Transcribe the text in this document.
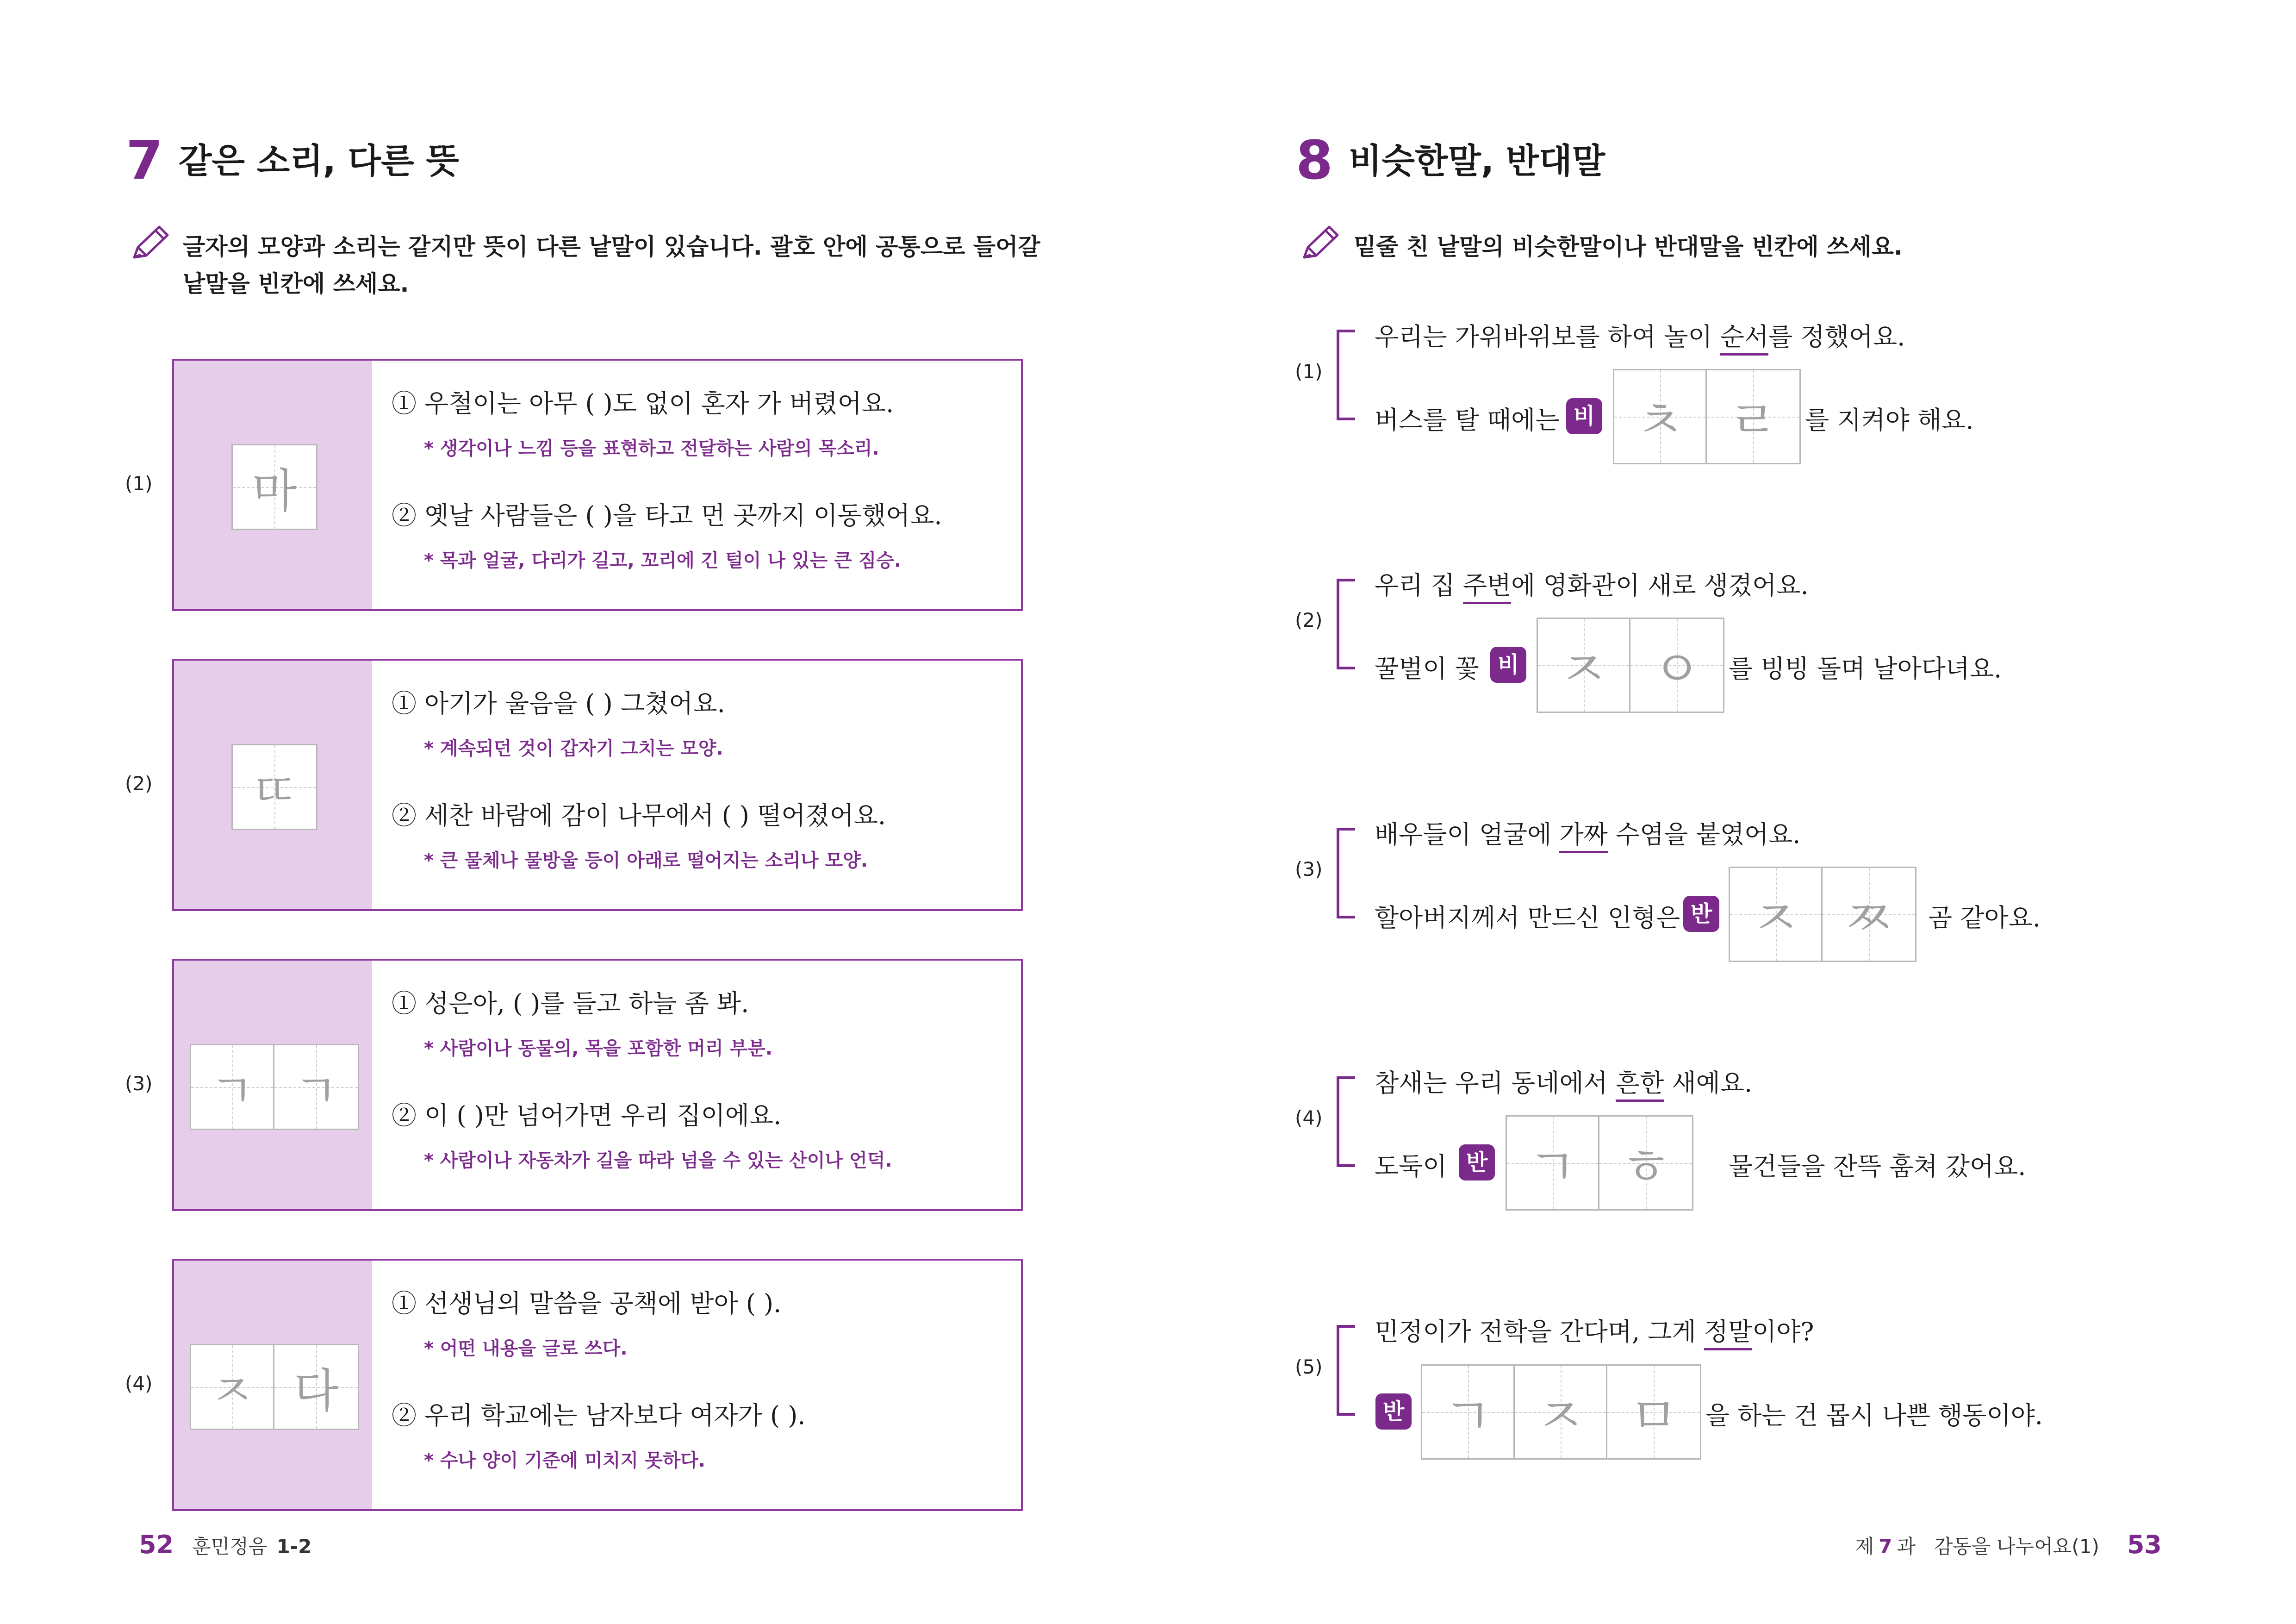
7 같은 소리, 다른 뜻
글자의 모양과 소리는 같지만 뜻이 다른 낱말이 있습니다. 괄호 안에 공통으로 들어갈
낱말을 빈칸에 쓰세요.
(1) 마
① 우철이는 아무 ( )도 없이 혼자 가 버렸어요.
* 생각이나 느낌 등을 표현하고 전달하는 사람의 목소리.
② 옛날 사람들은 ( )을 타고 먼 곳까지 이동했어요.
* 목과 얼굴, 다리가 길고, 꼬리에 긴 털이 나 있는 큰 짐승.
(2) ㄸ
① 아기가 울음을 ( ) 그쳤어요.
* 계속되던 것이 갑자기 그치는 모양.
② 세찬 바람에 감이 나무에서 ( ) 떨어졌어요.
* 큰 물체나 물방울 등이 아래로 떨어지는 소리나 모양.
(3) ㄱ ㄱ
① 성은아, ( )를 들고 하늘 좀 봐.
* 사람이나 동물의, 목을 포함한 머리 부분.
② 이 ( )만 넘어가면 우리 집이에요.
* 사람이나 자동차가 길을 따라 넘을 수 있는 산이나 언덕.
(4) ㅈ 다
① 선생님의 말씀을 공책에 받아 ( ).
* 어떤 내용을 글로 쓰다.
② 우리 학교에는 남자보다 여자가 ( ).
* 수나 양이 기준에 미치지 못하다.
52 훈민정음 1-2
8 비슷한말, 반대말
밑줄 친 낱말의 비슷한말이나 반대말을 빈칸에 쓰세요.
(1)
우리는 가위바위보를 하여 놀이 순서를 정했어요.
버스를 탈 때에는 비 ㅊ ㄹ 를 지켜야 해요.
(2)
우리 집 주변에 영화관이 새로 생겼어요.
꿀벌이 꽃 비 ㅈ ㅇ 를 빙빙 돌며 날아다녀요.
(3)
배우들이 얼굴에 가짜 수염을 붙였어요.
할아버지께서 만드신 인형은 반 ㅈ ㅉ 곰 같아요.
(4)
참새는 우리 동네에서 흔한 새예요.
도둑이 반 ㄱ ㅎ 물건들을 잔뜩 훔쳐 갔어요.
(5)
민정이가 전학을 간다며, 그게 정말이야?
반 ㄱ ㅈ ㅁ 을 하는 건 몹시 나쁜 행동이야.
제 7 과 감동을 나누어요(1) 53
